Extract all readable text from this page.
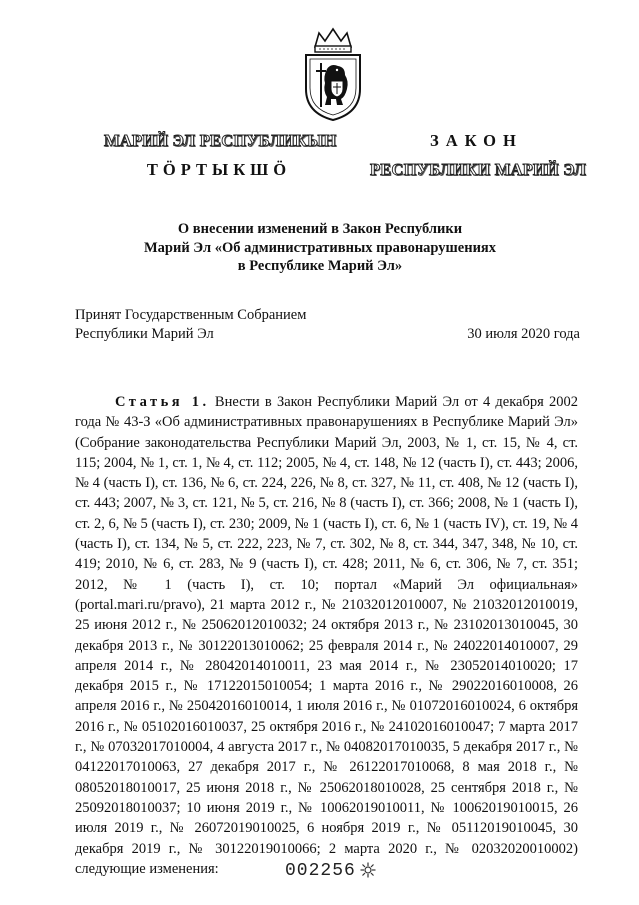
МАРИЙ ЭЛ РЕСПУБЛИКЫН
ТӦРТЫКШӦ
ЗАКОН
РЕСПУБЛИКИ МАРИЙ ЭЛ
О внесении изменений в Закон Республики
Марий Эл «Об административных правонарушениях
в Республике Марий Эл»
Принят Государственным Собранием
Республики Марий Эл	30 июля 2020 года

Статья 1. Внести в Закон Республики Марий Эл от 4 декабря 2002 года № 43-З «Об административных правонарушениях в Республике Марий Эл» (Собрание законодательства Республики Марий Эл, 2003, № 1, ст. 15, № 4, ст. 115; 2004, № 1, ст. 1, № 4, ст. 112; 2005, № 4, ст. 148, № 12 (часть I), ст. 443; 2006, № 4 (часть I), ст. 136, № 6, ст. 224, 226, № 8, ст. 327, № 11, ст. 408, № 12 (часть I), ст. 443; 2007, № 3, ст. 121, № 5, ст. 216, № 8 (часть I), ст. 366; 2008, № 1 (часть I), ст. 2, 6, № 5 (часть I), ст. 230; 2009, № 1 (часть I), ст. 6, № 1 (часть IV), ст. 19, № 4 (часть I), ст. 134, № 5, ст. 222, 223, № 7, ст. 302, № 8, ст. 344, 347, 348, № 10, ст. 419; 2010, № 6, ст. 283, № 9 (часть I), ст. 428; 2011, № 6, ст. 306, № 7, ст. 351; 2012, № 1 (часть I), ст. 10; портал «Марий Эл официальная» (portal.mari.ru/pravo), 21 марта 2012 г., № 21032012010007, № 21032012010019, 25 июня 2012 г., № 25062012010032; 24 октября 2013 г., № 23102013010045, 30 декабря 2013 г., № 30122013010062; 25 февраля 2014 г., № 24022014010007, 29 апреля 2014 г., № 28042014010011, 23 мая 2014 г., № 23052014010020; 17 декабря 2015 г., № 17122015010054; 1 марта 2016 г., № 29022016010008, 26 апреля 2016 г., № 25042016010014, 1 июля 2016 г., № 01072016010024, 6 октября 2016 г., № 05102016010037, 25 октября 2016 г., № 24102016010047; 7 марта 2017 г., № 07032017010004, 4 августа 2017 г., № 04082017010035, 5 декабря 2017 г., № 04122017010063, 27 декабря 2017 г., № 26122017010068, 8 мая 2018 г., № 08052018010017, 25 июня 2018 г., № 25062018010028, 25 сентября 2018 г., № 25092018010037; 10 июня 2019 г., № 10062019010011, № 10062019010015, 26 июля 2019 г., № 26072019010025, 6 ноября 2019 г., № 05112019010045, 30 декабря 2019 г., № 30122019010066; 2 марта 2020 г., № 02032020010002) следующие изменения:	002256
